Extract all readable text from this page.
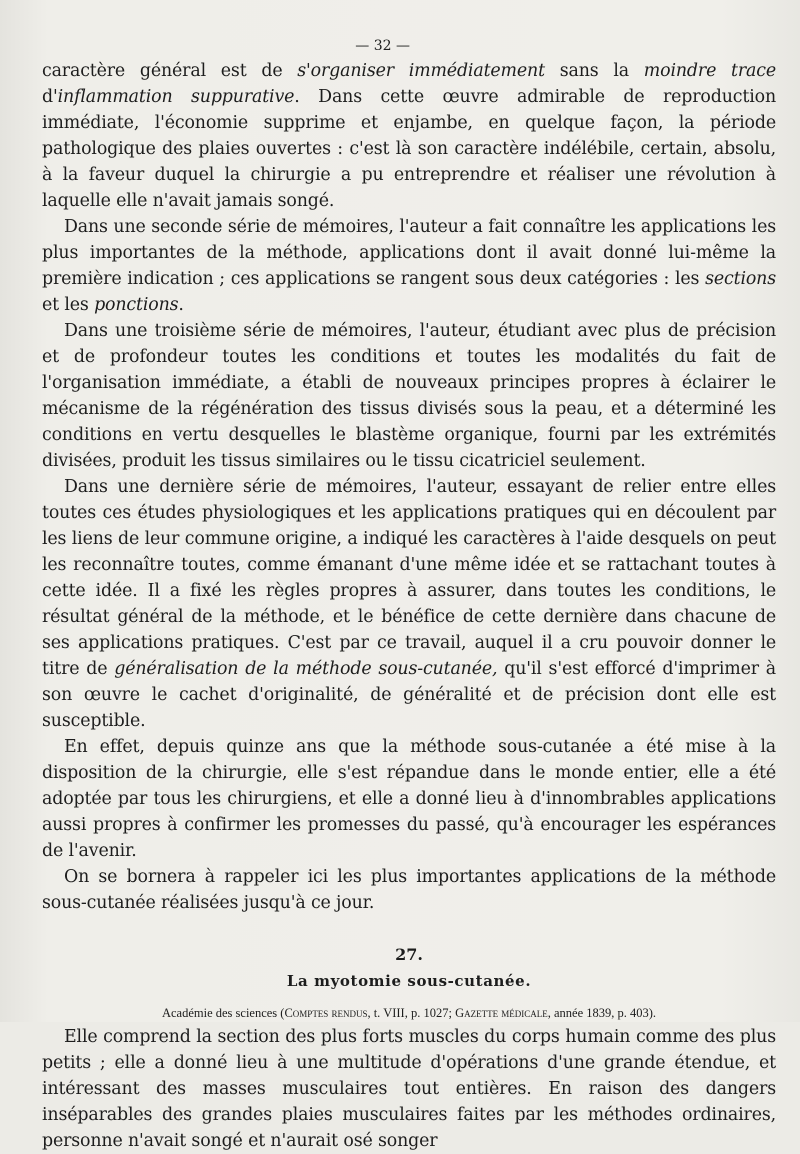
— 32 —

caractère général est de s'organiser immédiatement sans la moindre trace d'inflammation suppurative. Dans cette œuvre admirable de reproduction immédiate, l'économie supprime et enjambe, en quelque façon, la période pathologique des plaies ouvertes : c'est là son caractère indélébile, certain, absolu, à la faveur duquel la chirurgie a pu entreprendre et réaliser une révolution à laquelle elle n'avait jamais songé.

Dans une seconde série de mémoires, l'auteur a fait connaître les applications les plus importantes de la méthode, applications dont il avait donné lui-même la première indication ; ces applications se rangent sous deux catégories : les sections et les ponctions.

Dans une troisième série de mémoires, l'auteur, étudiant avec plus de précision et de profondeur toutes les conditions et toutes les modalités du fait de l'organisation immédiate, a établi de nouveaux principes propres à éclairer le mécanisme de la régénération des tissus divisés sous la peau, et a déterminé les conditions en vertu desquelles le blastème organique, fourni par les extrémités divisées, produit les tissus similaires ou le tissu cicatriciel seulement.

Dans une dernière série de mémoires, l'auteur, essayant de relier entre elles toutes ces études physiologiques et les applications pratiques qui en découlent par les liens de leur commune origine, a indiqué les caractères à l'aide desquels on peut les reconnaître toutes, comme émanant d'une même idée et se rattachant toutes à cette idée. Il a fixé les règles propres à assurer, dans toutes les conditions, le résultat général de la méthode, et le bénéfice de cette dernière dans chacune de ses applications pratiques. C'est par ce travail, auquel il a cru pouvoir donner le titre de généralisation de la méthode sous-cutanée, qu'il s'est efforcé d'imprimer à son œuvre le cachet d'originalité, de généralité et de précision dont elle est susceptible.

En effet, depuis quinze ans que la méthode sous-cutanée a été mise à la disposition de la chirurgie, elle s'est répandue dans le monde entier, elle a été adoptée par tous les chirurgiens, et elle a donné lieu à d'innombrables applications aussi propres à confirmer les promesses du passé, qu'à encourager les espérances de l'avenir.

On se bornera à rappeler ici les plus importantes applications de la méthode sous-cutanée réalisées jusqu'à ce jour.

27.
La myotomie sous-cutanée.
Académie des sciences (Comptes rendus, t. VIII, p. 1027; Gazette médicale, année 1839, p. 403).

Elle comprend la section des plus forts muscles du corps humain comme des plus petits ; elle a donné lieu à une multitude d'opérations d'une grande étendue, et intéressant des masses musculaires tout entières. En raison des dangers inséparables des grandes plaies musculaires faites par les méthodes ordinaires, personne n'avait songé et n'aurait osé songer
